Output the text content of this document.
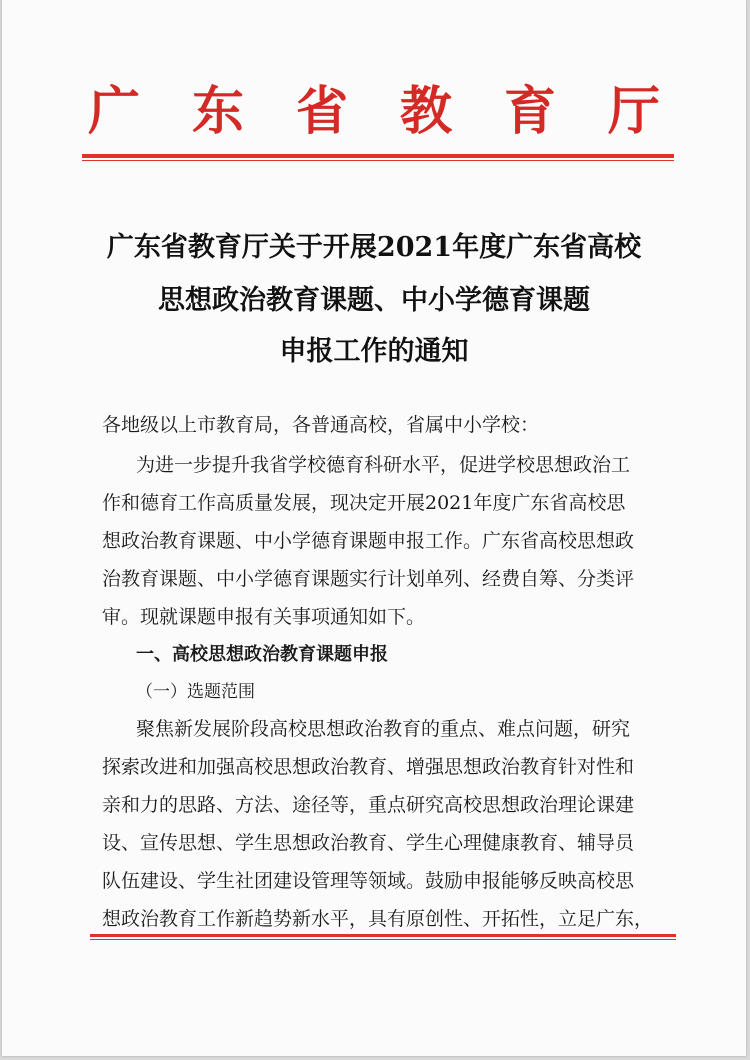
广 东 省 教 育 厅
广东省教育厅关于开展2021年度广东省高校
思想政治教育课题、中小学德育课题
申报工作的通知
各地级以上市教育局，各普通高校，省属中小学校：
为进一步提升我省学校德育科研水平，促进学校思想政治工
作和德育工作高质量发展，现决定开展2021年度广东省高校思
想政治教育课题、中小学德育课题申报工作。广东省高校思想政
治教育课题、中小学德育课题实行计划单列、经费自筹、分类评
审。现就课题申报有关事项通知如下。
一、高校思想政治教育课题申报
（一）选题范围
聚焦新发展阶段高校思想政治教育的重点、难点问题，研究
探索改进和加强高校思想政治教育、增强思想政治教育针对性和
亲和力的思路、方法、途径等，重点研究高校思想政治理论课建
设、宣传思想、学生思想政治教育、学生心理健康教育、辅导员
队伍建设、学生社团建设管理等领域。鼓励申报能够反映高校思
想政治教育工作新趋势新水平，具有原创性、开拓性，立足广东，
